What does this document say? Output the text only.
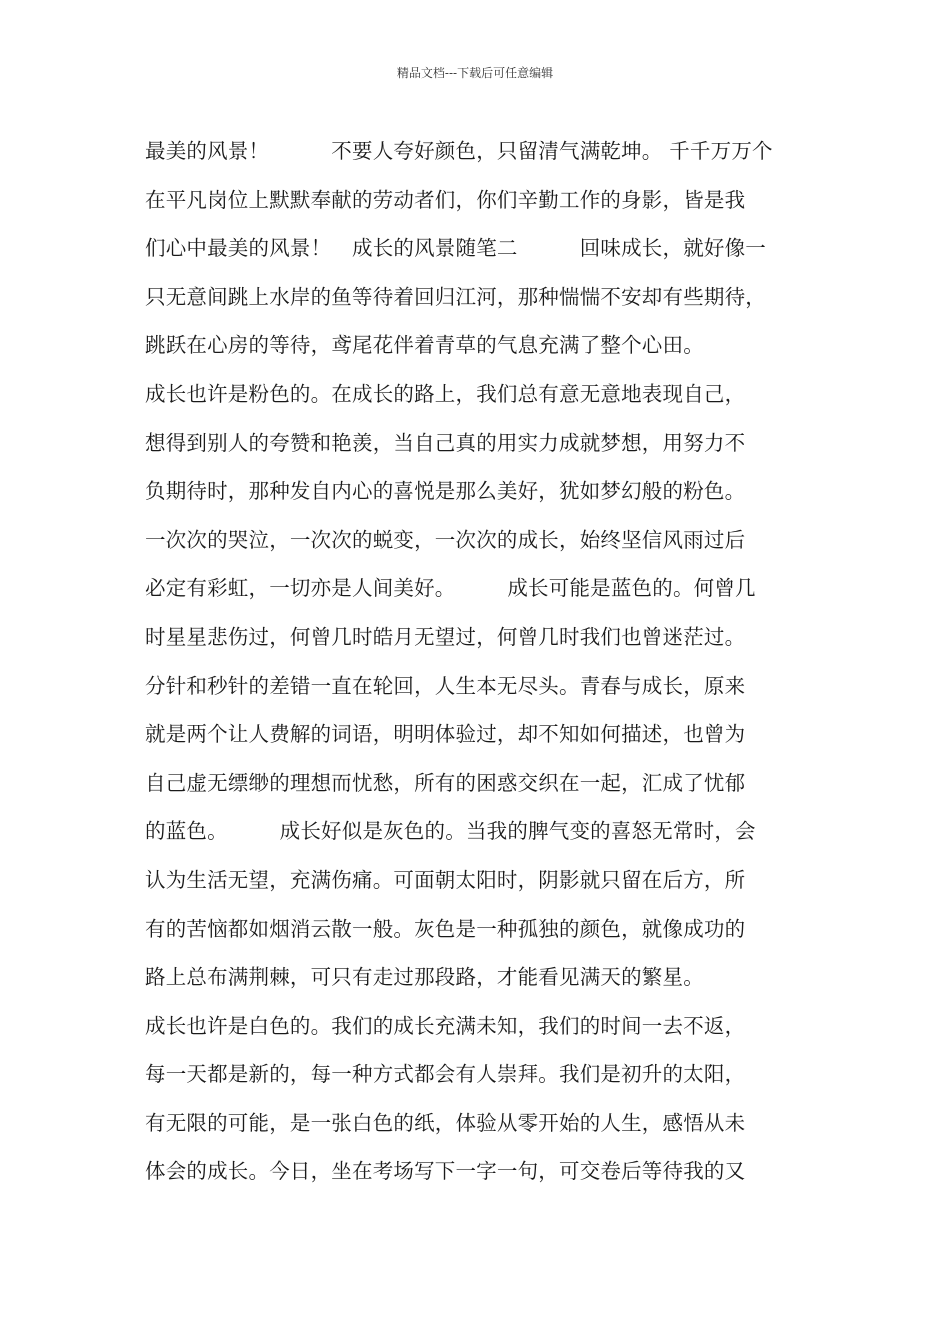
精品文档---下载后可任意编辑
最美的风景！　　　不要人夸好颜色，只留清气满乾坤。 千千万万个
在平凡岗位上默默奉献的劳动者们，你们辛勤工作的身影，皆是我
们心中最美的风景！　成长的风景随笔二　　　回味成长，就好像一
只无意间跳上水岸的鱼等待着回归江河，那种惴惴不安却有些期待，
跳跃在心房的等待，鸢尾花伴着青草的气息充满了整个心田。
成长也许是粉色的。在成长的路上，我们总有意无意地表现自己，
想得到别人的夸赞和艳羡，当自己真的用实力成就梦想，用努力不
负期待时，那种发自内心的喜悦是那么美好，犹如梦幻般的粉色。
一次次的哭泣，一次次的蜕变，一次次的成长，始终坚信风雨过后
必定有彩虹，一切亦是人间美好。　　　成长可能是蓝色的。何曾几
时星星悲伤过，何曾几时皓月无望过，何曾几时我们也曾迷茫过。
分针和秒针的差错一直在轮回，人生本无尽头。青春与成长，原来
就是两个让人费解的词语，明明体验过，却不知如何描述，也曾为
自己虚无缥缈的理想而忧愁，所有的困惑交织在一起，汇成了忧郁
的蓝色。　　　成长好似是灰色的。当我的脾气变的喜怒无常时，会
认为生活无望，充满伤痛。可面朝太阳时，阴影就只留在后方，所
有的苦恼都如烟消云散一般。灰色是一种孤独的颜色，就像成功的
路上总布满荆棘，可只有走过那段路，才能看见满天的繁星。
成长也许是白色的。我们的成长充满未知，我们的时间一去不返，
每一天都是新的，每一种方式都会有人崇拜。我们是初升的太阳，
有无限的可能，是一张白色的纸，体验从零开始的人生，感悟从未
体会的成长。今日，坐在考场写下一字一句，可交卷后等待我的又
